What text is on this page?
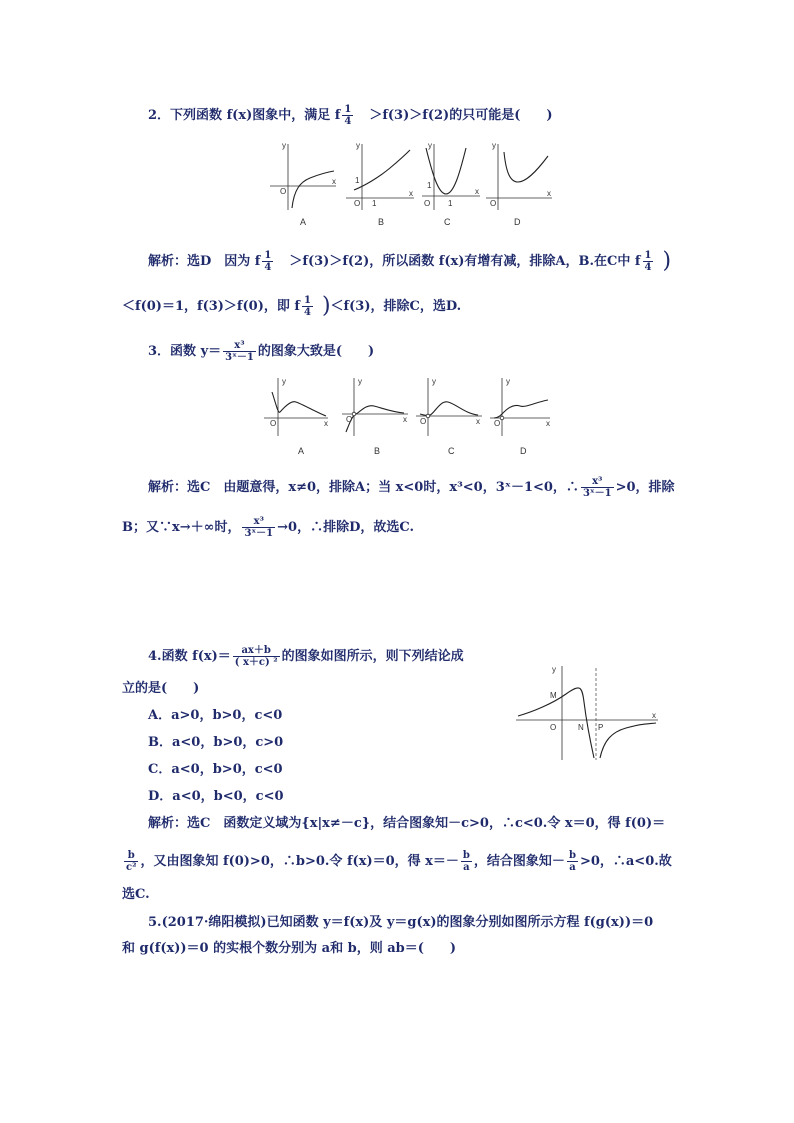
2．下列函数 f(x)图象中，满足 f $\frac{1}{4} >f(3)>f(2)$的只可能是(　　)
y
x
O
A
y
x
O
1
1
B
y
x
O
1
1
C
y
x
O
D
解析：选D　因为 f $\frac{1}{4} >f(3)>f(2)$，所以函数 f(x)有增有减，排除A，B.在C中 f $\frac{1}{4}$ )
＜f(0)＝1，f(3)＞f(0)，即 f $\frac{1}{4} )<f(3)$，排除C，选D.
3．函数 $y= \frac{\text{x³}}{\text{3ˣ－1}}$ 的图象大致是(　　)
y
x
O
A
y
x
O
B
y
x
O
C
y
x
O
D
解析：选C　由题意得，x≠0，排除A；当 x<0时，x³<0，3ˣ－1<0，∴ $\frac{\text{x³}}{\text{3ˣ－1}} >0$，排除
B；又∵x→＋∞时， $\frac{\text{x³}}{\text{3ˣ－1}} \to 0$，∴排除D，故选C.
4.函数 $f(x)= \frac{ax+b}{\text{( x＋c) ²}}$ 的图象如图所示，则下列结论成
立的是(　　)
A．a>0，b>0，c<0
B．a<0，b>0，c>0
C．a<0，b>0，c<0
D．a<0，b<0，c<0
y
x
O
M
N P
解析：选C　函数定义域为{x|x≠－c}，结合图象知－c>0，∴c<0.令 x＝0，得 f(0)＝
$\frac{b}{\text{c²}}$ ，又由图象知 f(0)>0，∴b>0.令 f(x)＝0，得 $x=- \frac{b}{a}$ ，结合图象知－ $\frac{b}{a} >0$，∴a<0.故
选C.
5.(2017·绵阳模拟)已知函数 y＝f(x)及 y＝g(x)的图象分别如图所示方程 f(g(x))＝0
和 g(f(x))＝0 的实根个数分别为 a和 b，则 ab＝(　　)
